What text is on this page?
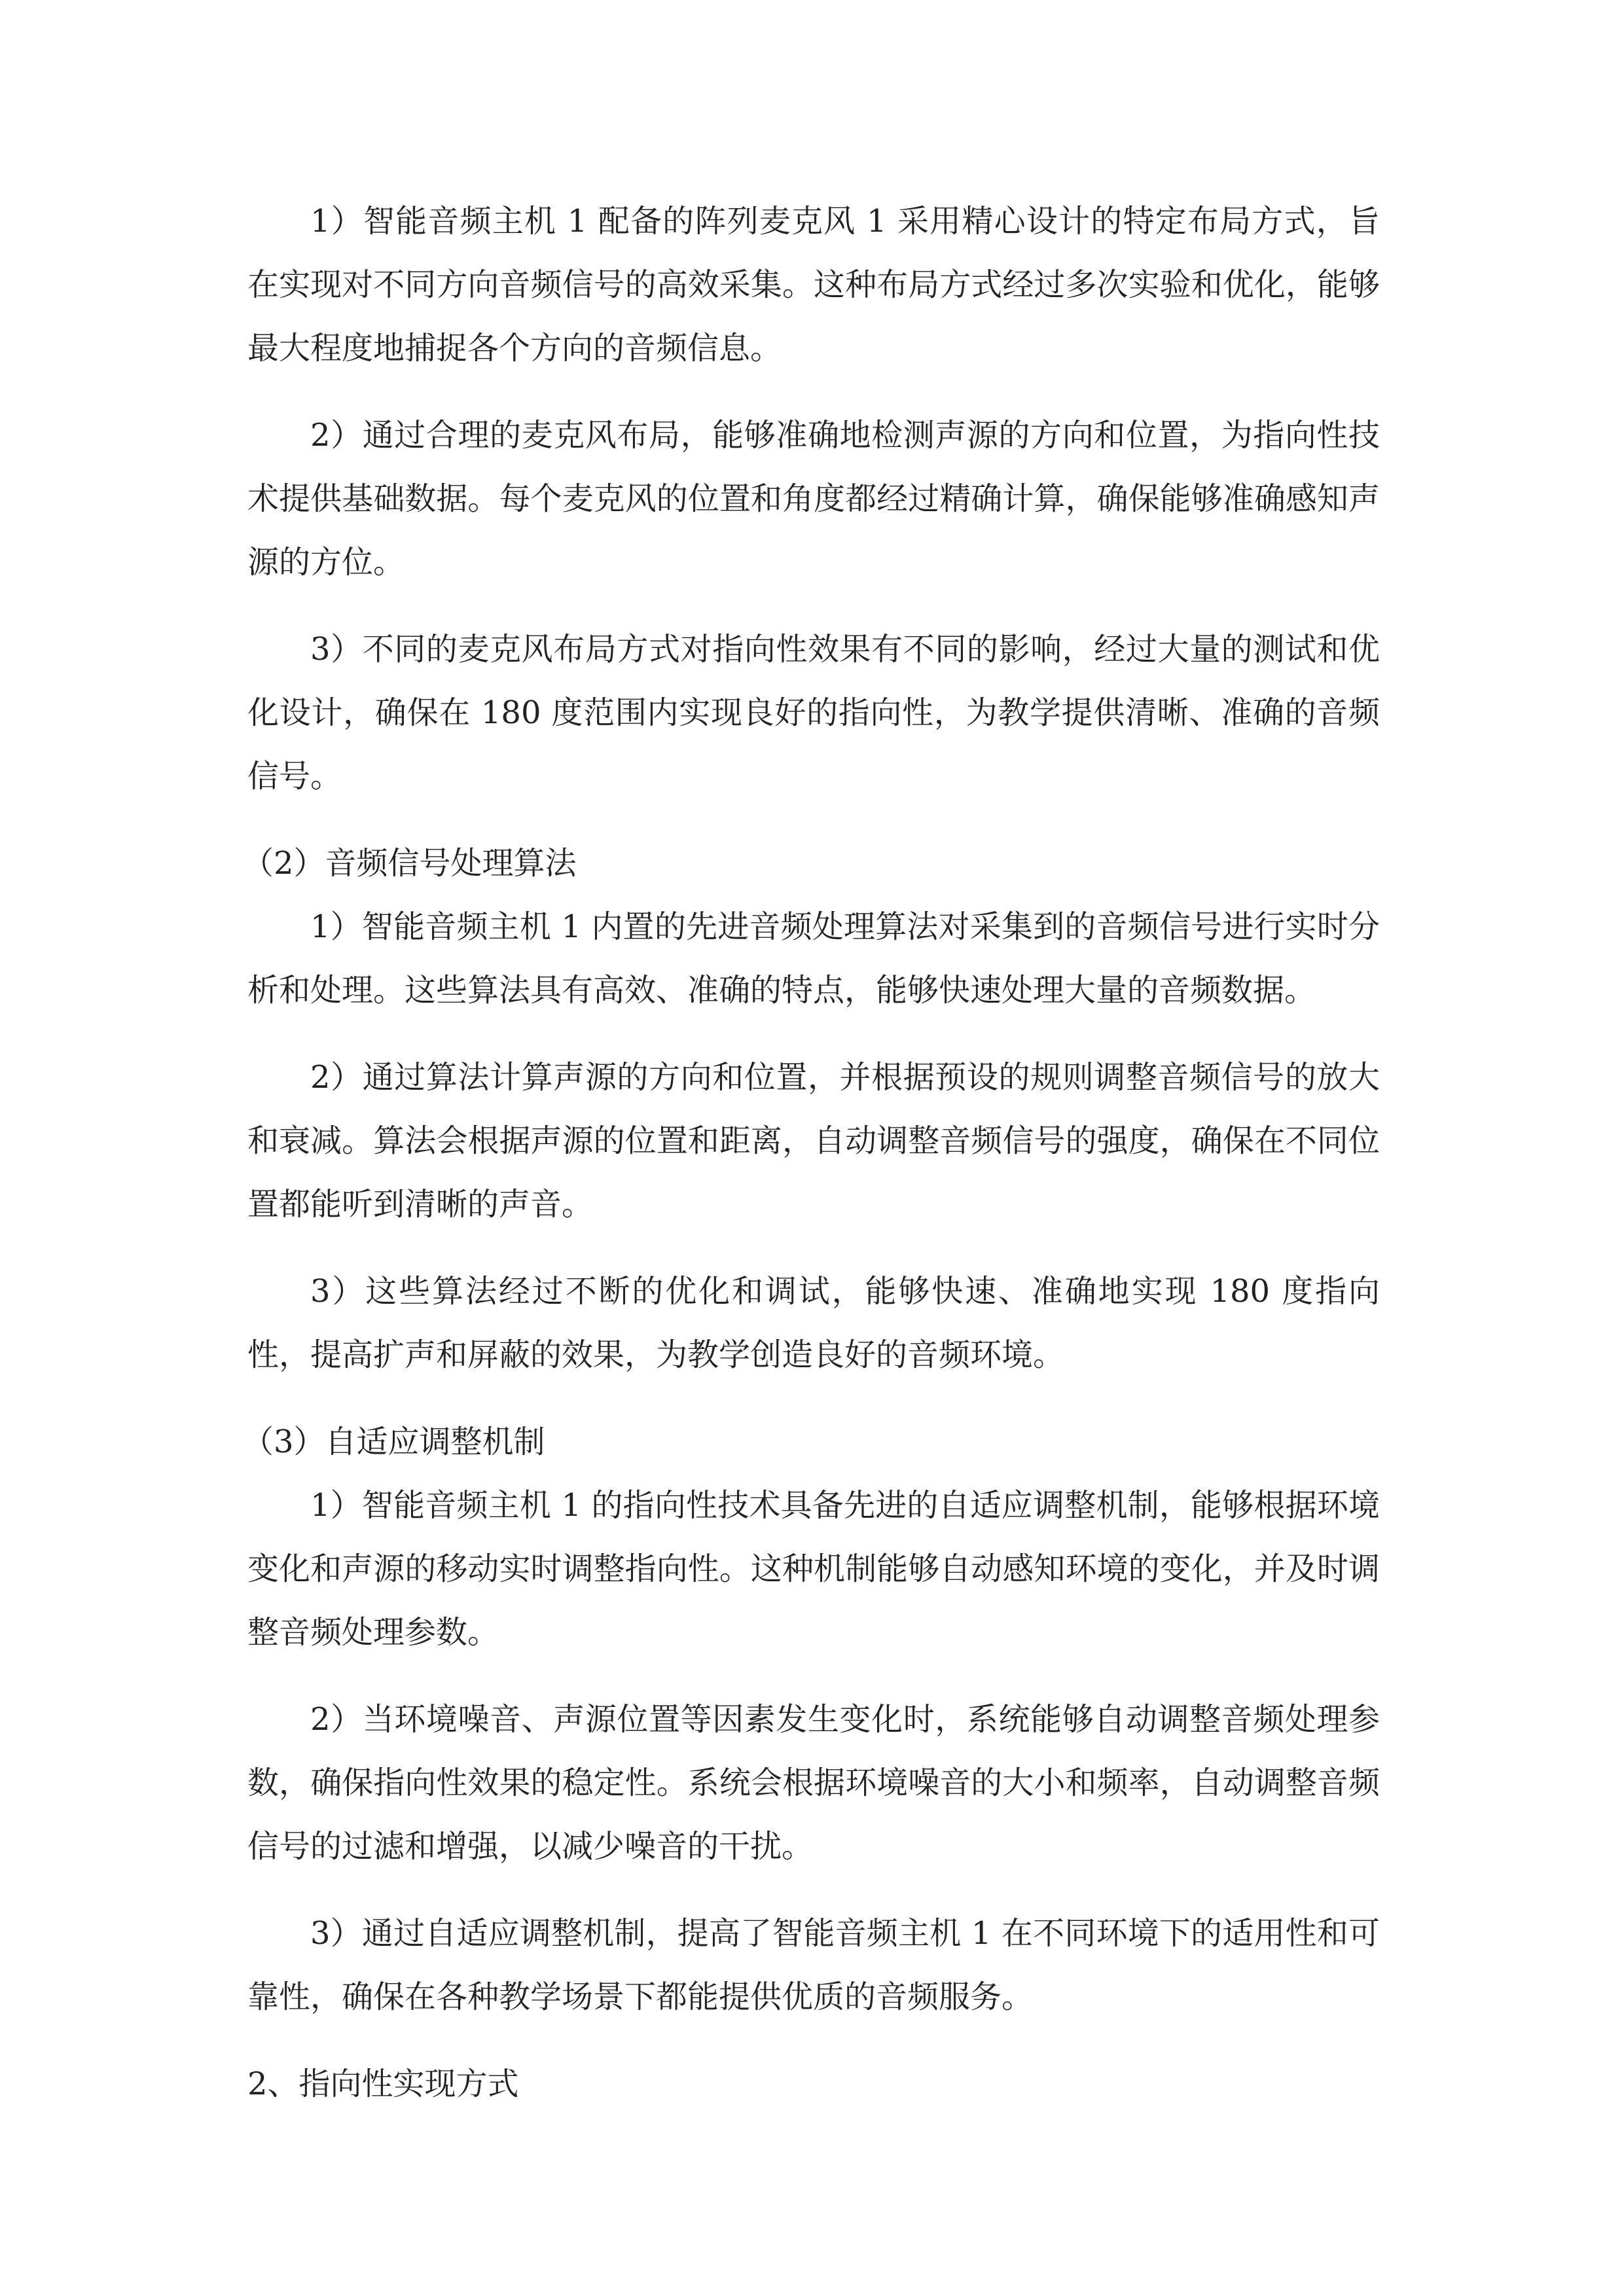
1）智能音频主机 1 配备的阵列麦克风 1 采用精心设计的特定布局方式，旨在实现对不同方向音频信号的高效采集。这种布局方式经过多次实验和优化，能够最大程度地捕捉各个方向的音频信息。

2）通过合理的麦克风布局，能够准确地检测声源的方向和位置，为指向性技术提供基础数据。每个麦克风的位置和角度都经过精确计算，确保能够准确感知声源的方位。

3）不同的麦克风布局方式对指向性效果有不同的影响，经过大量的测试和优化设计，确保在 180 度范围内实现良好的指向性，为教学提供清晰、准确的音频信号。

（2）音频信号处理算法

1）智能音频主机 1 内置的先进音频处理算法对采集到的音频信号进行实时分析和处理。这些算法具有高效、准确的特点，能够快速处理大量的音频数据。

2）通过算法计算声源的方向和位置，并根据预设的规则调整音频信号的放大和衰减。算法会根据声源的位置和距离，自动调整音频信号的强度，确保在不同位置都能听到清晰的声音。

3）这些算法经过不断的优化和调试，能够快速、准确地实现 180 度指向性，提高扩声和屏蔽的效果，为教学创造良好的音频环境。

（3）自适应调整机制

1）智能音频主机 1 的指向性技术具备先进的自适应调整机制，能够根据环境变化和声源的移动实时调整指向性。这种机制能够自动感知环境的变化，并及时调整音频处理参数。

2）当环境噪音、声源位置等因素发生变化时，系统能够自动调整音频处理参数，确保指向性效果的稳定性。系统会根据环境噪音的大小和频率，自动调整音频信号的过滤和增强，以减少噪音的干扰。

3）通过自适应调整机制，提高了智能音频主机 1 在不同环境下的适用性和可靠性，确保在各种教学场景下都能提供优质的音频服务。

2、指向性实现方式
